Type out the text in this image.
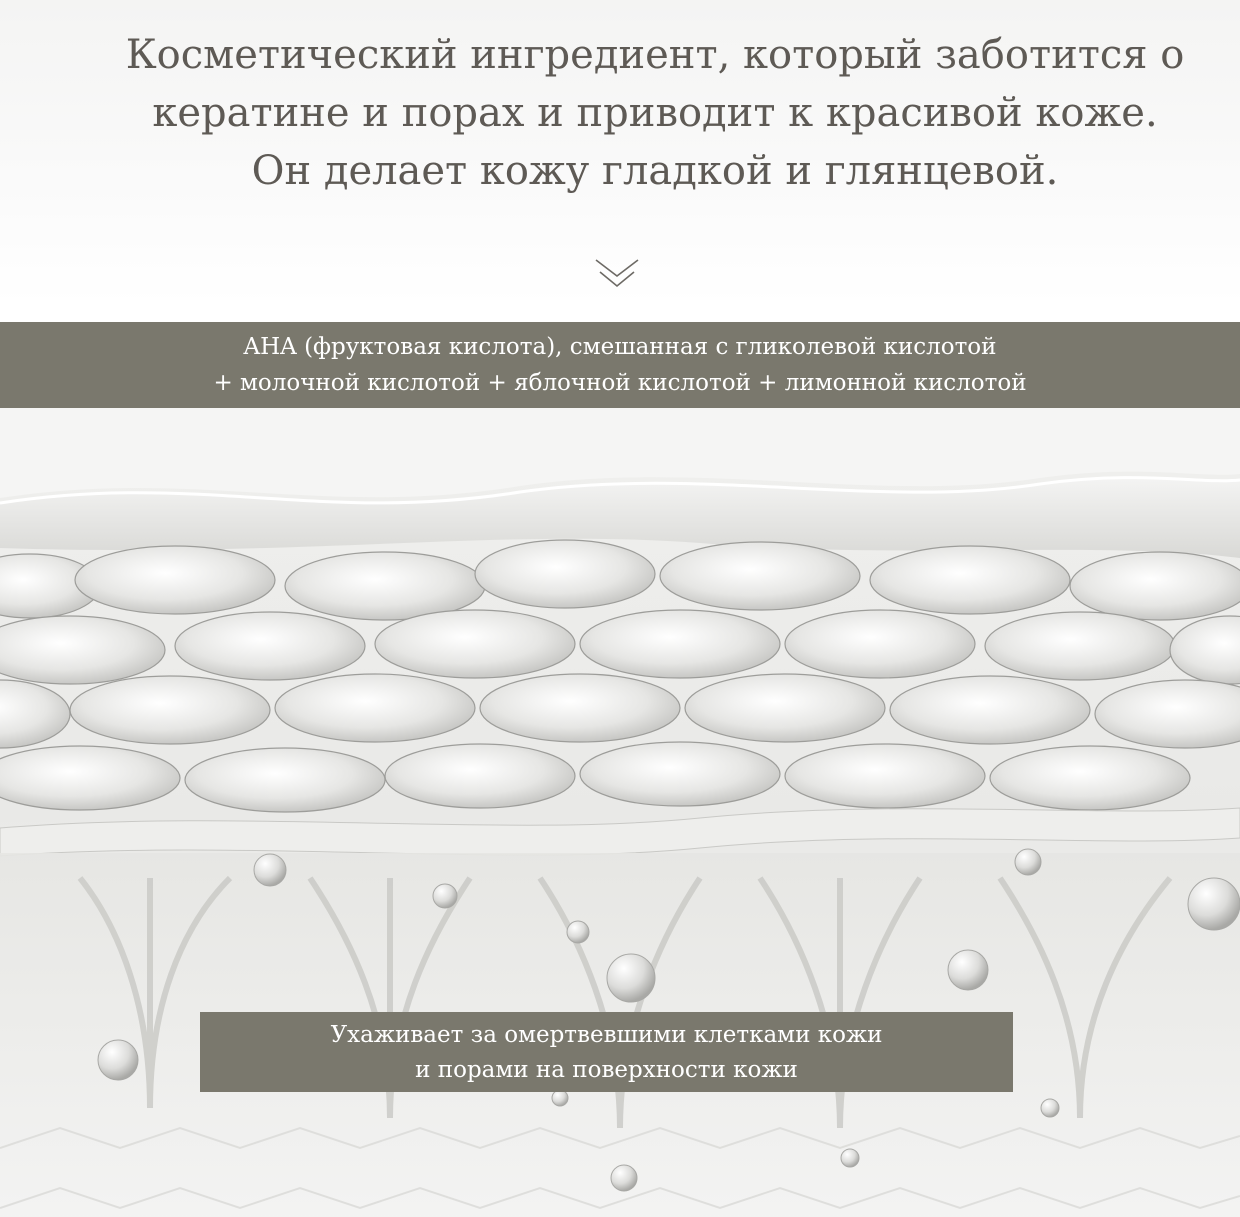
Косметический ингредиент, который заботится о
кератине и порах и приводит к красивой коже.
Он делает кожу гладкой и глянцевой.
AHA (фруктовая кислота), смешанная с гликолевой кислотой
+ молочной кислотой + яблочной кислотой + лимонной кислотой
Ухаживает за омертвевшими клетками кожи
и порами на поверхности кожи
